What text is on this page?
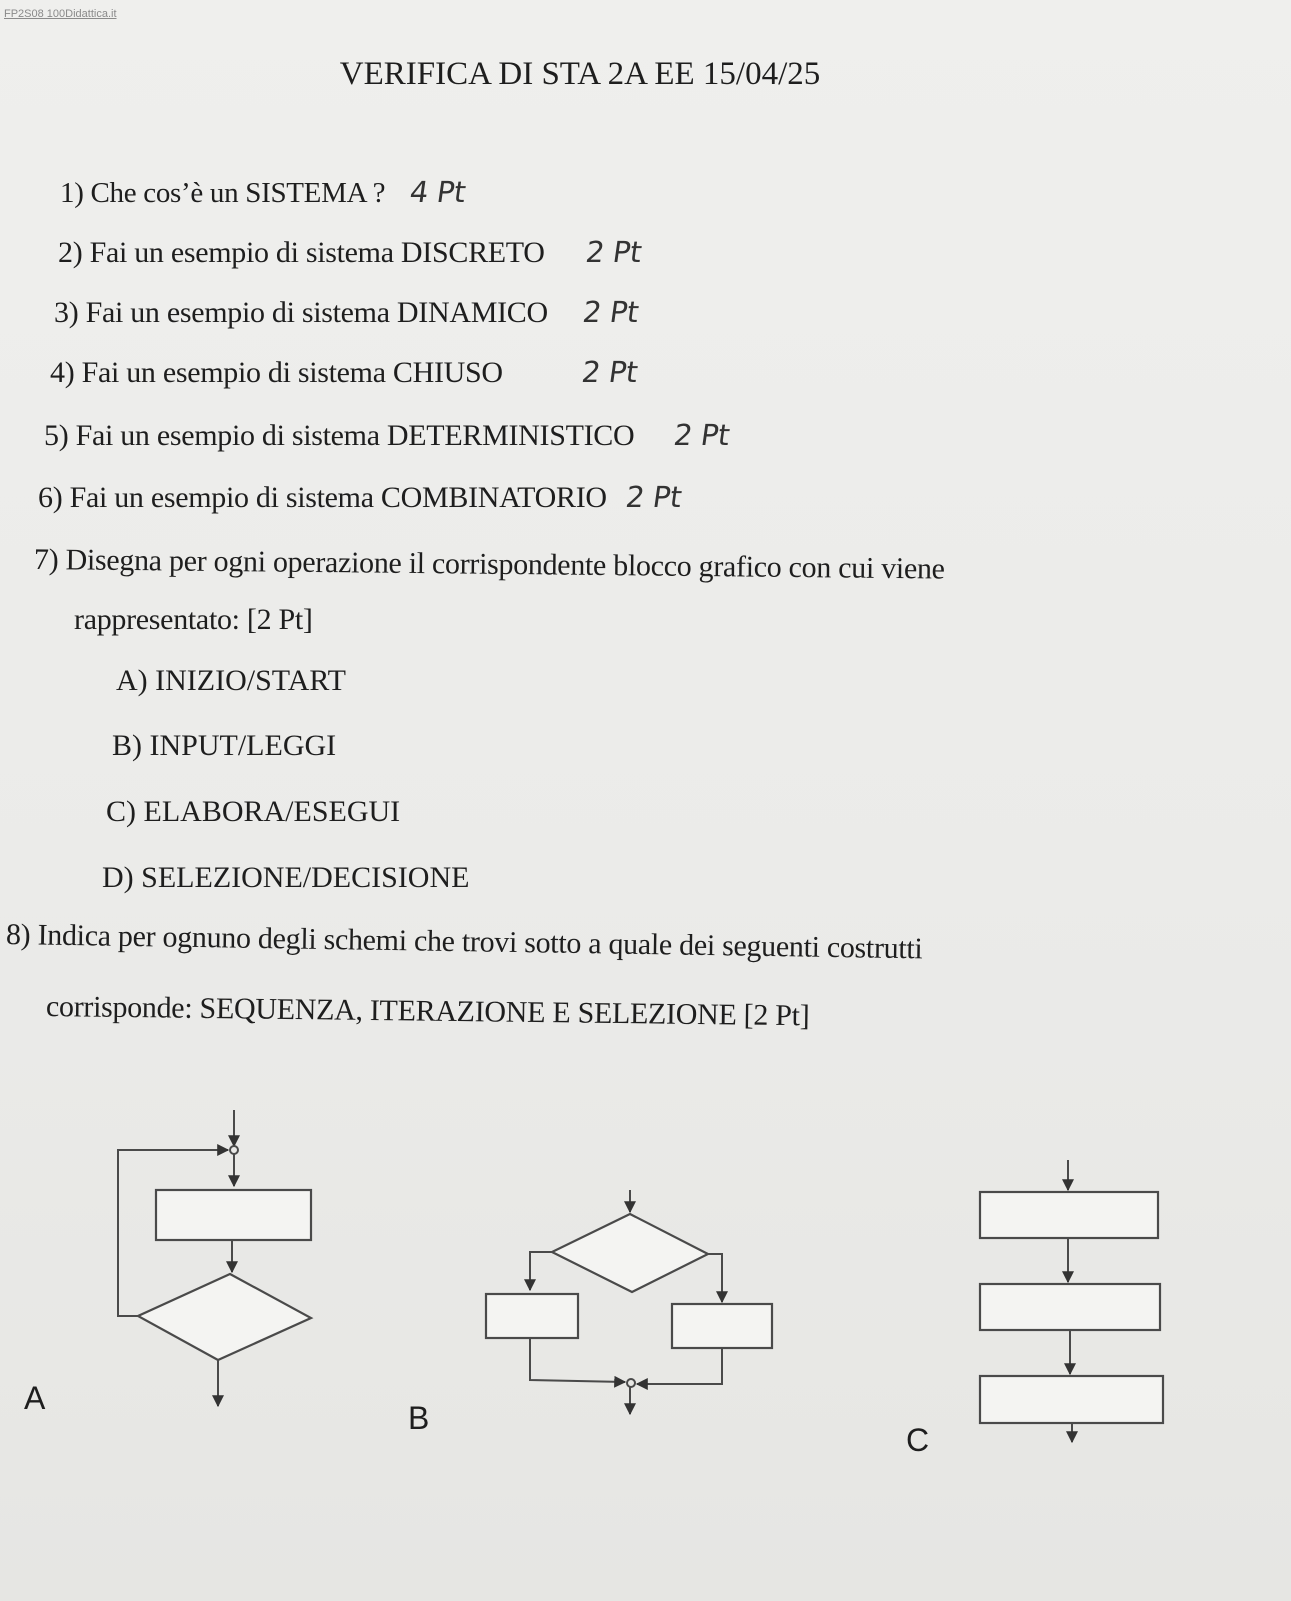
FP2S08 100Didattica.it
VERIFICA DI STA 2A EE 15/04/25
1) Che cos’è un SISTEMA ? 4 Pt
2) Fai un esempio di sistema DISCRETO 2 Pt
3) Fai un esempio di sistema DINAMICO 2 Pt
4) Fai un esempio di sistema CHIUSO	2 Pt
5) Fai un esempio di sistema DETERMINISTICO 2 Pt
6) Fai un esempio di sistema COMBINATORIO 2 Pt
7) Disegna per ogni operazione il corrispondente blocco grafico con cui viene
rappresentato: [2 Pt]
A) INIZIO/START
B) INPUT/LEGGI
C) ELABORA/ESEGUI
D) SELEZIONE/DECISIONE
8) Indica per ognuno degli schemi che trovi sotto a quale dei seguenti costrutti
corrisponde: SEQUENZA, ITERAZIONE E SELEZIONE [2 Pt]
A
B
C
